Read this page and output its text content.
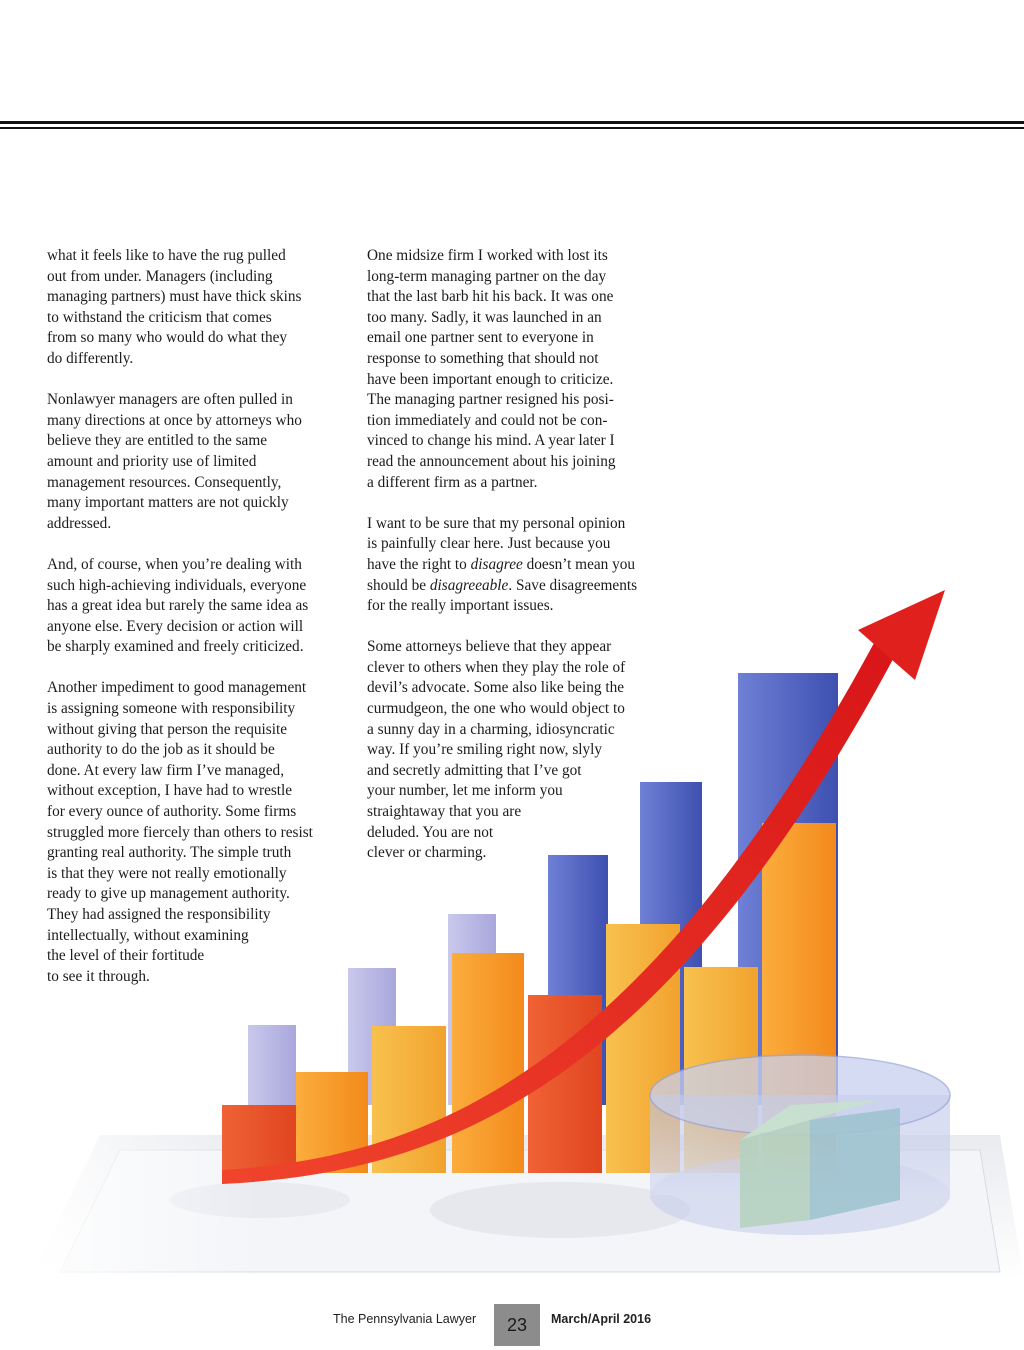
what it feels like to have the rug pulled
out from under. Managers (including
managing partners) must have thick skins
to withstand the criticism that comes
from so many who would do what they
do differently.

Nonlawyer managers are often pulled in
many directions at once by attorneys who
believe they are entitled to the same
amount and priority use of limited
management resources. Consequently,
many important matters are not quickly
addressed.

And, of course, when you’re dealing with
such high-achieving individuals, everyone
has a great idea but rarely the same idea as
anyone else. Every decision or action will
be sharply examined and freely criticized.

Another impediment to good management
is assigning someone with responsibility
without giving that person the requisite
authority to do the job as it should be
done. At every law firm I’ve managed,
without exception, I have had to wrestle
for every ounce of authority. Some firms
struggled more fiercely than others to resist
granting real authority. The simple truth
is that they were not really emotionally
ready to give up management authority.
They had assigned the responsibility
intellectually, without examining
the level of their fortitude
to see it through.

One midsize firm I worked with lost its
long-term managing partner on the day
that the last barb hit his back. It was one
too many. Sadly, it was launched in an
email one partner sent to everyone in
response to something that should not
have been important enough to criticize.
The managing partner resigned his posi-
tion immediately and could not be con-
vinced to change his mind. A year later I
read the announcement about his joining
a different firm as a partner.

I want to be sure that my personal opinion
is painfully clear here. Just because you
have the right to disagree doesn’t mean you
should be disagreeable. Save disagreements
for the really important issues.

Some attorneys believe that they appear
clever to others when they play the role of
devil’s advocate. Some also like being the
curmudgeon, the one who would object to
a sunny day in a charming, idiosyncratic
way. If you’re smiling right now, slyly
and secretly admitting that I’ve got
your number, let me inform you
straightaway that you are
deluded. You are not
clever or charming.

The Pennsylvania Lawyer 23 March/April 2016
